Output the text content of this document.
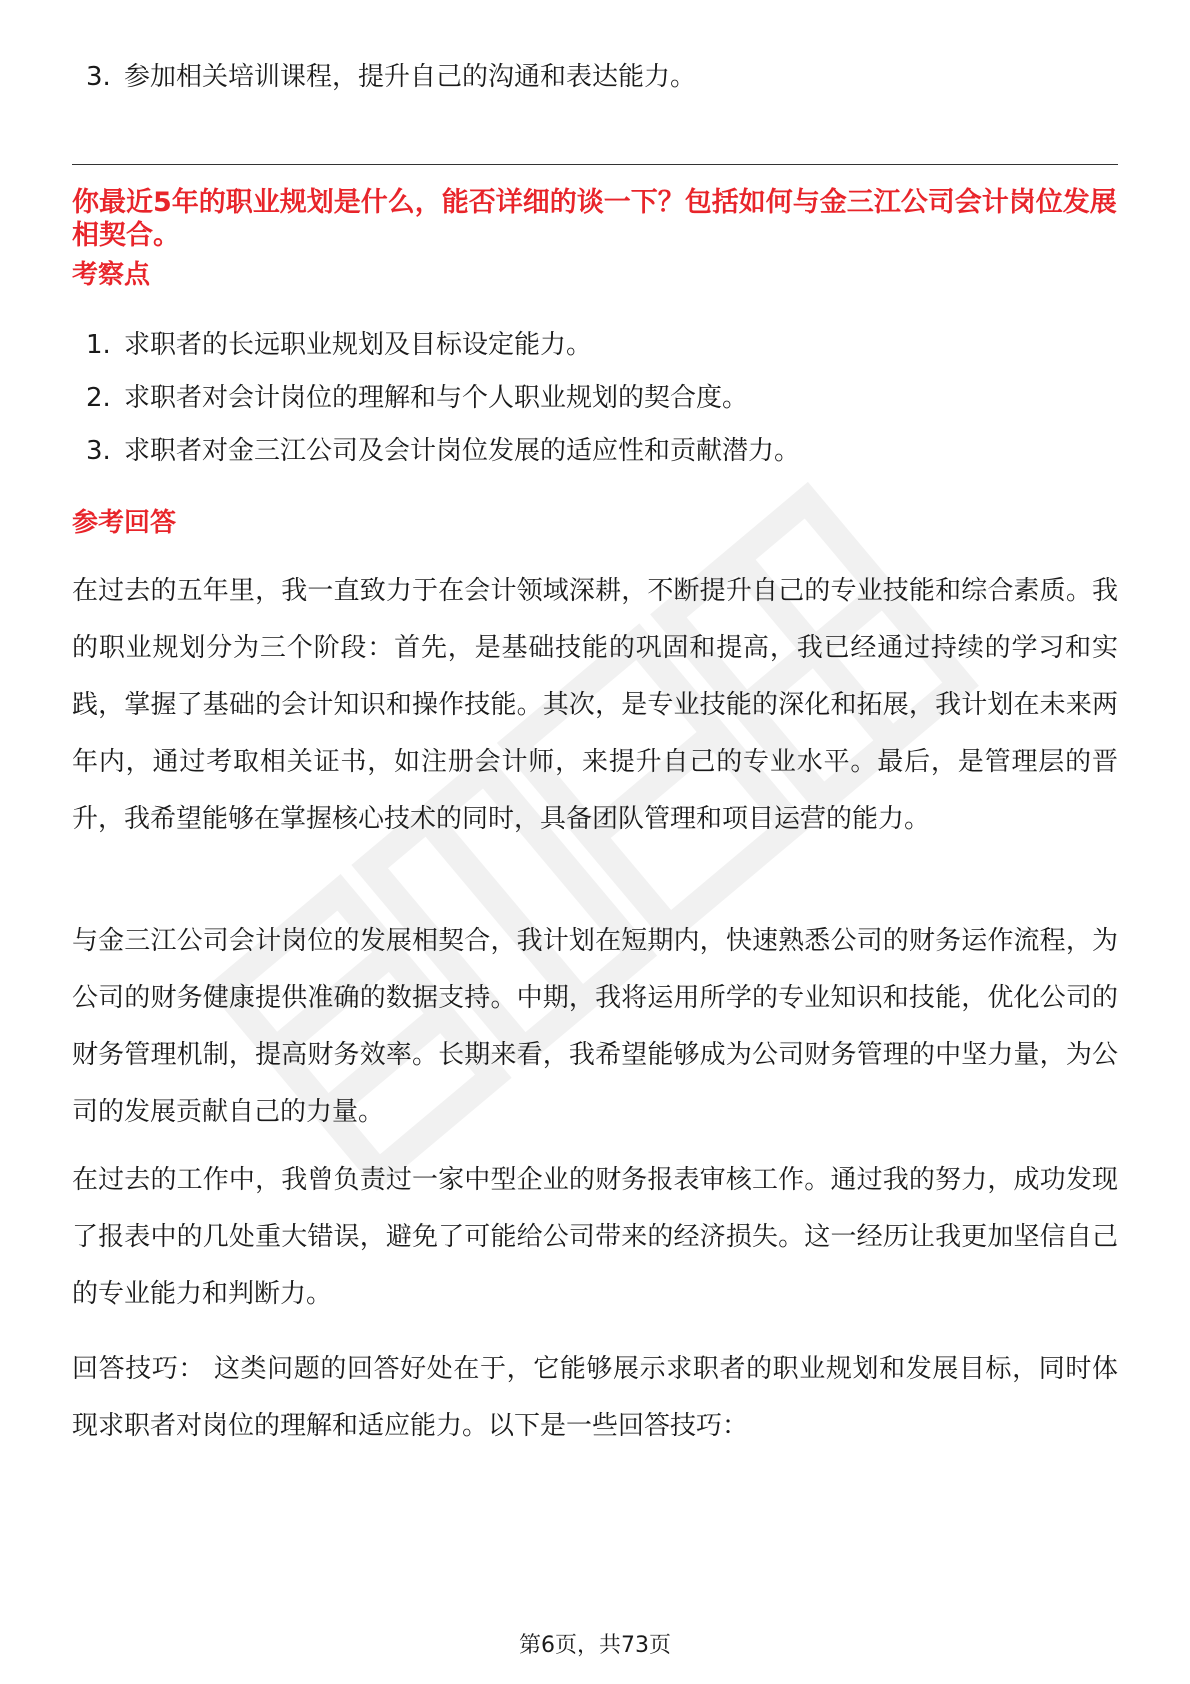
3. 参加相关培训课程，提升自己的沟通和表达能力。
你最近5年的职业规划是什么，能否详细的谈一下？包括如何与金三江公司会计岗位发展相契合。
考察点
1. 求职者的长远职业规划及目标设定能力。
2. 求职者对会计岗位的理解和与个人职业规划的契合度。
3. 求职者对金三江公司及会计岗位发展的适应性和贡献潜力。
参考回答
在过去的五年里，我一直致力于在会计领域深耕，不断提升自己的专业技能和综合素质。我的职业规划分为三个阶段：首先，是基础技能的巩固和提高，我已经通过持续的学习和实践，掌握了基础的会计知识和操作技能。其次，是专业技能的深化和拓展，我计划在未来两年内，通过考取相关证书，如注册会计师，来提升自己的专业水平。最后，是管理层的晋升，我希望能够在掌握核心技术的同时，具备团队管理和项目运营的能力。
与金三江公司会计岗位的发展相契合，我计划在短期内，快速熟悉公司的财务运作流程，为公司的财务健康提供准确的数据支持。中期，我将运用所学的专业知识和技能，优化公司的财务管理机制，提高财务效率。长期来看，我希望能够成为公司财务管理的中坚力量，为公司的发展贡献自己的力量。
在过去的工作中，我曾负责过一家中型企业的财务报表审核工作。通过我的努力，成功发现了报表中的几处重大错误，避免了可能给公司带来的经济损失。这一经历让我更加坚信自己的专业能力和判断力。
回答技巧： 这类问题的回答好处在于，它能够展示求职者的职业规划和发展目标，同时体现求职者对岗位的理解和适应能力。以下是一些回答技巧：
第6页，共73页
